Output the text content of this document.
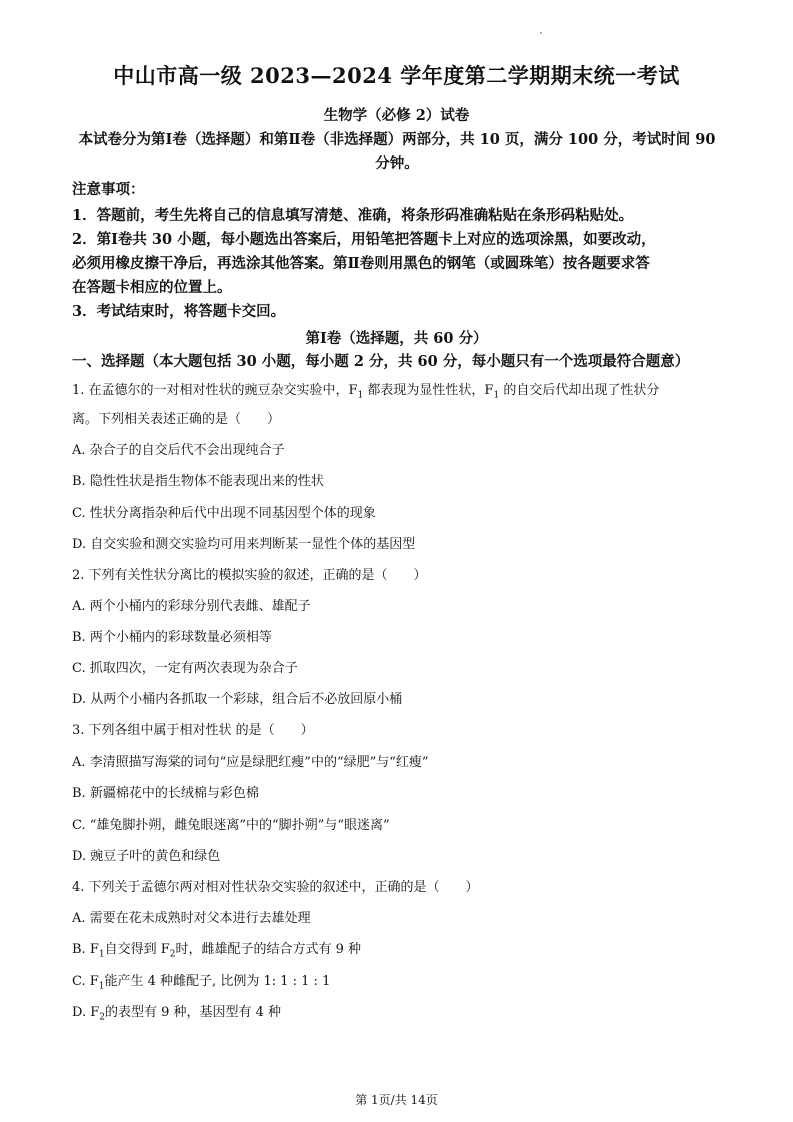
中山市高一级 2023—2024 学年度第二学期期末统一考试
生物学（必修 2）试卷
本试卷分为第Ⅰ卷（选择题）和第Ⅱ卷（非选择题）两部分，共 10 页，满分 100 分，考试时间 90 分钟。
注意事项：
1．答题前，考生先将自己的信息填写清楚、准确，将条形码准确粘贴在条形码粘贴处。
2．第Ⅰ卷共 30 小题，每小题选出答案后，用铅笔把答题卡上对应的选项涂黑，如要改动，
必须用橡皮擦干净后，再选涂其他答案。第Ⅱ卷则用黑色的钢笔（或圆珠笔）按各题要求答
在答题卡相应的位置上。
3．考试结束时，将答题卡交回。
第Ⅰ卷（选择题，共 60 分）
一、选择题（本大题包括 30 小题，每小题 2 分，共 60 分，每小题只有一个选项最符合题意）
1. 在孟德尔的一对相对性状的豌豆杂交实验中，$F_1$ 都表现为显性性状，$F_1$ 的自交后代却出现了性状分
离。下列相关表述正确的是（　　）
A. 杂合子的自交后代不会出现纯合子
B. 隐性性状是指生物体不能表现出来的性状
C. 性状分离指杂种后代中出现不同基因型个体的现象
D. 自交实验和测交实验均可用来判断某一显性个体的基因型
2. 下列有关性状分离比的模拟实验的叙述，正确的是（　　）
A. 两个小桶内的彩球分别代表雌、雄配子
B. 两个小桶内的彩球数量必须相等
C. 抓取四次，一定有两次表现为杂合子
D. 从两个小桶内各抓取一个彩球，组合后不必放回原小桶
3. 下列各组中属于相对性状 的是（　　）
A. 李清照描写海棠的词句“应是绿肥红瘦”中的“绿肥”与“红瘦”
B. 新疆棉花中的长绒棉与彩色棉
C. “雄兔脚扑朔，雌兔眼迷离”中的“脚扑朔”与“眼迷离”
D. 豌豆子叶的黄色和绿色
4. 下列关于孟德尔两对相对性状杂交实验的叙述中，正确的是（　　）
A. 需要在花未成熟时对父本进行去雄处理
B. $F_1$自交得到 $F_2$时，雌雄配子的结合方式有 9 种
C. $F_1$能产生 4 种雌配子, 比例为 1: 1 : 1 : 1
D. $F_2$的表型有 9 种，基因型有 4 种
第 1页/共 14页
